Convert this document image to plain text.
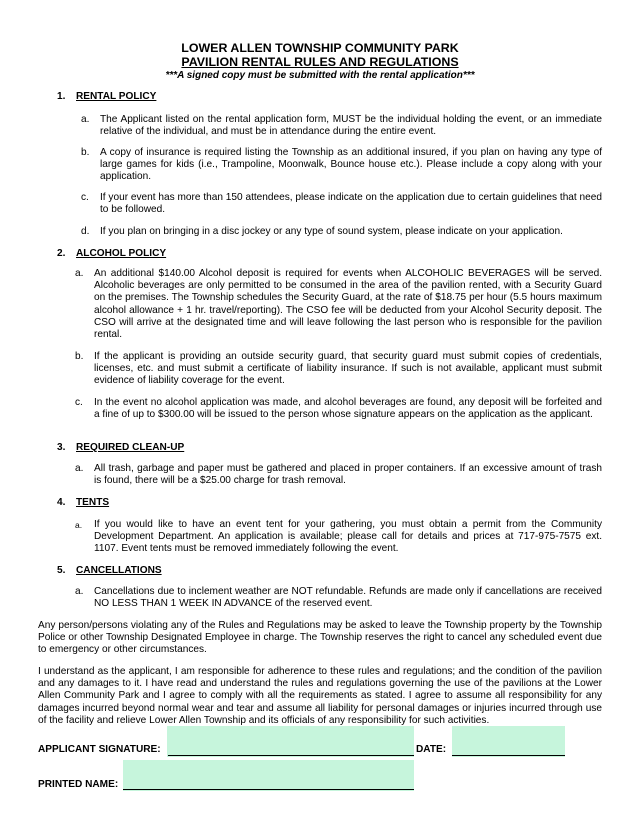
LOWER ALLEN TOWNSHIP COMMUNITY PARK
PAVILION RENTAL RULES AND REGULATIONS
***A signed copy must be submitted with the rental application***
1. RENTAL POLICY
a. The Applicant listed on the rental application form, MUST be the individual holding the event, or an immediate relative of the individual, and must be in attendance during the entire event.
b. A copy of insurance is required listing the Township as an additional insured, if you plan on having any type of large games for kids (i.e., Trampoline, Moonwalk, Bounce house etc.). Please include a copy along with your application.
c. If your event has more than 150 attendees, please indicate on the application due to certain guidelines that need to be followed.
d. If you plan on bringing in a disc jockey or any type of sound system, please indicate on your application.
2. ALCOHOL POLICY
a. An additional $140.00 Alcohol deposit is required for events when ALCOHOLIC BEVERAGES will be served. Alcoholic beverages are only permitted to be consumed in the area of the pavilion rented, with a Security Guard on the premises. The Township schedules the Security Guard, at the rate of $18.75 per hour (5.5 hours maximum alcohol allowance + 1 hr. travel/reporting). The CSO fee will be deducted from your Alcohol Security deposit. The CSO will arrive at the designated time and will leave following the last person who is responsible for the pavilion rental.
b. If the applicant is providing an outside security guard, that security guard must submit copies of credentials, licenses, etc. and must submit a certificate of liability insurance. If such is not available, applicant must submit evidence of liability coverage for the event.
c. In the event no alcohol application was made, and alcohol beverages are found, any deposit will be forfeited and a fine of up to $300.00 will be issued to the person whose signature appears on the application as the applicant.
3. REQUIRED CLEAN-UP
a. All trash, garbage and paper must be gathered and placed in proper containers. If an excessive amount of trash is found, there will be a $25.00 charge for trash removal.
4. TENTS
a. If you would like to have an event tent for your gathering, you must obtain a permit from the Community Development Department. An application is available; please call for details and prices at 717-975-7575 ext. 1107. Event tents must be removed immediately following the event.
5. CANCELLATIONS
a. Cancellations due to inclement weather are NOT refundable. Refunds are made only if cancellations are received NO LESS THAN 1 WEEK IN ADVANCE of the reserved event.
Any person/persons violating any of the Rules and Regulations may be asked to leave the Township property by the Township Police or other Township Designated Employee in charge. The Township reserves the right to cancel any scheduled event due to emergency or other circumstances.
I understand as the applicant, I am responsible for adherence to these rules and regulations; and the condition of the pavilion and any damages to it. I have read and understand the rules and regulations governing the use of the pavilions at the Lower Allen Community Park and I agree to comply with all the requirements as stated. I agree to assume all responsibility for any damages incurred beyond normal wear and tear and assume all liability for personal damages or injuries incurred through use of the facility and relieve Lower Allen Township and its officials of any responsibility for such activities.
APPLICANT SIGNATURE:	DATE:
PRINTED NAME:
